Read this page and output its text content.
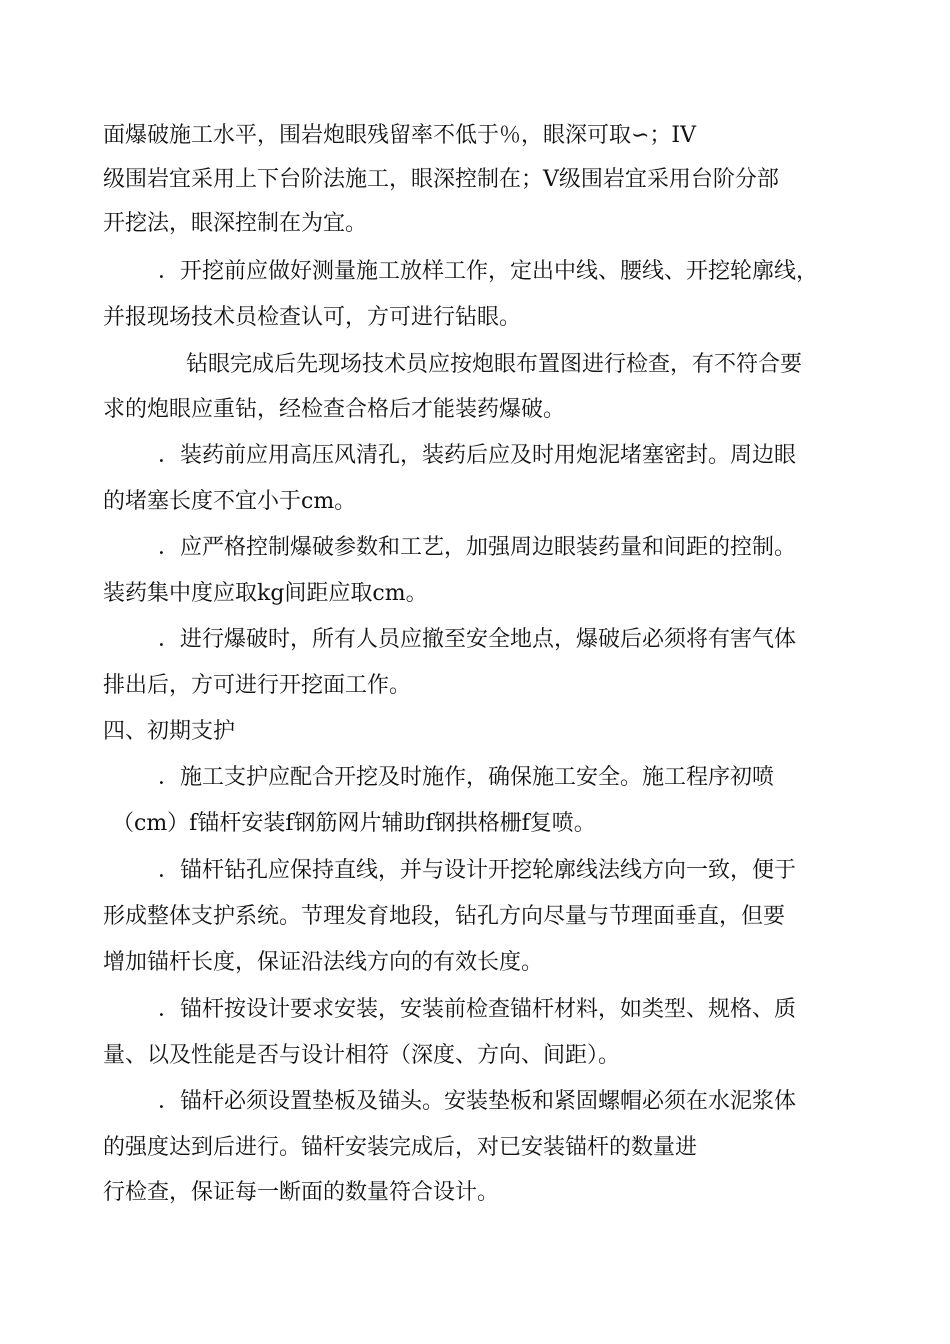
面爆破施工水平，围岩炮眼残留率不低于％，眼深可取∽；IV
级围岩宜采用上下台阶法施工，眼深控制在；V级围岩宜采用台阶分部
开挖法，眼深控制在为宜。
．开挖前应做好测量施工放样工作，定出中线、腰线、开挖轮廓线，
并报现场技术员检查认可，方可进行钻眼。
钻眼完成后先现场技术员应按炮眼布置图进行检查，有不符合要
求的炮眼应重钻，经检查合格后才能装药爆破。
．装药前应用高压风清孔，装药后应及时用炮泥堵塞密封。周边眼
的堵塞长度不宜小于cm。
．应严格控制爆破参数和工艺，加强周边眼装药量和间距的控制。
装药集中度应取kg间距应取cm。
．进行爆破时，所有人员应撤至安全地点，爆破后必须将有害气体
排出后，方可进行开挖面工作。
四、初期支护
．施工支护应配合开挖及时施作，确保施工安全。施工程序初喷
（cm）f锚杆安装f钢筋网片辅助f钢拱格栅f复喷。
．锚杆钻孔应保持直线，并与设计开挖轮廓线法线方向一致，便于
形成整体支护系统。节理发育地段，钻孔方向尽量与节理面垂直，但要
增加锚杆长度，保证沿法线方向的有效长度。
．锚杆按设计要求安装，安装前检查锚杆材料，如类型、规格、质
量、以及性能是否与设计相符（深度、方向、间距）。
．锚杆必须设置垫板及锚头。安装垫板和紧固螺帽必须在水泥浆体
的强度达到后进行。锚杆安装完成后，对已安装锚杆的数量进
行检查，保证每一断面的数量符合设计。
